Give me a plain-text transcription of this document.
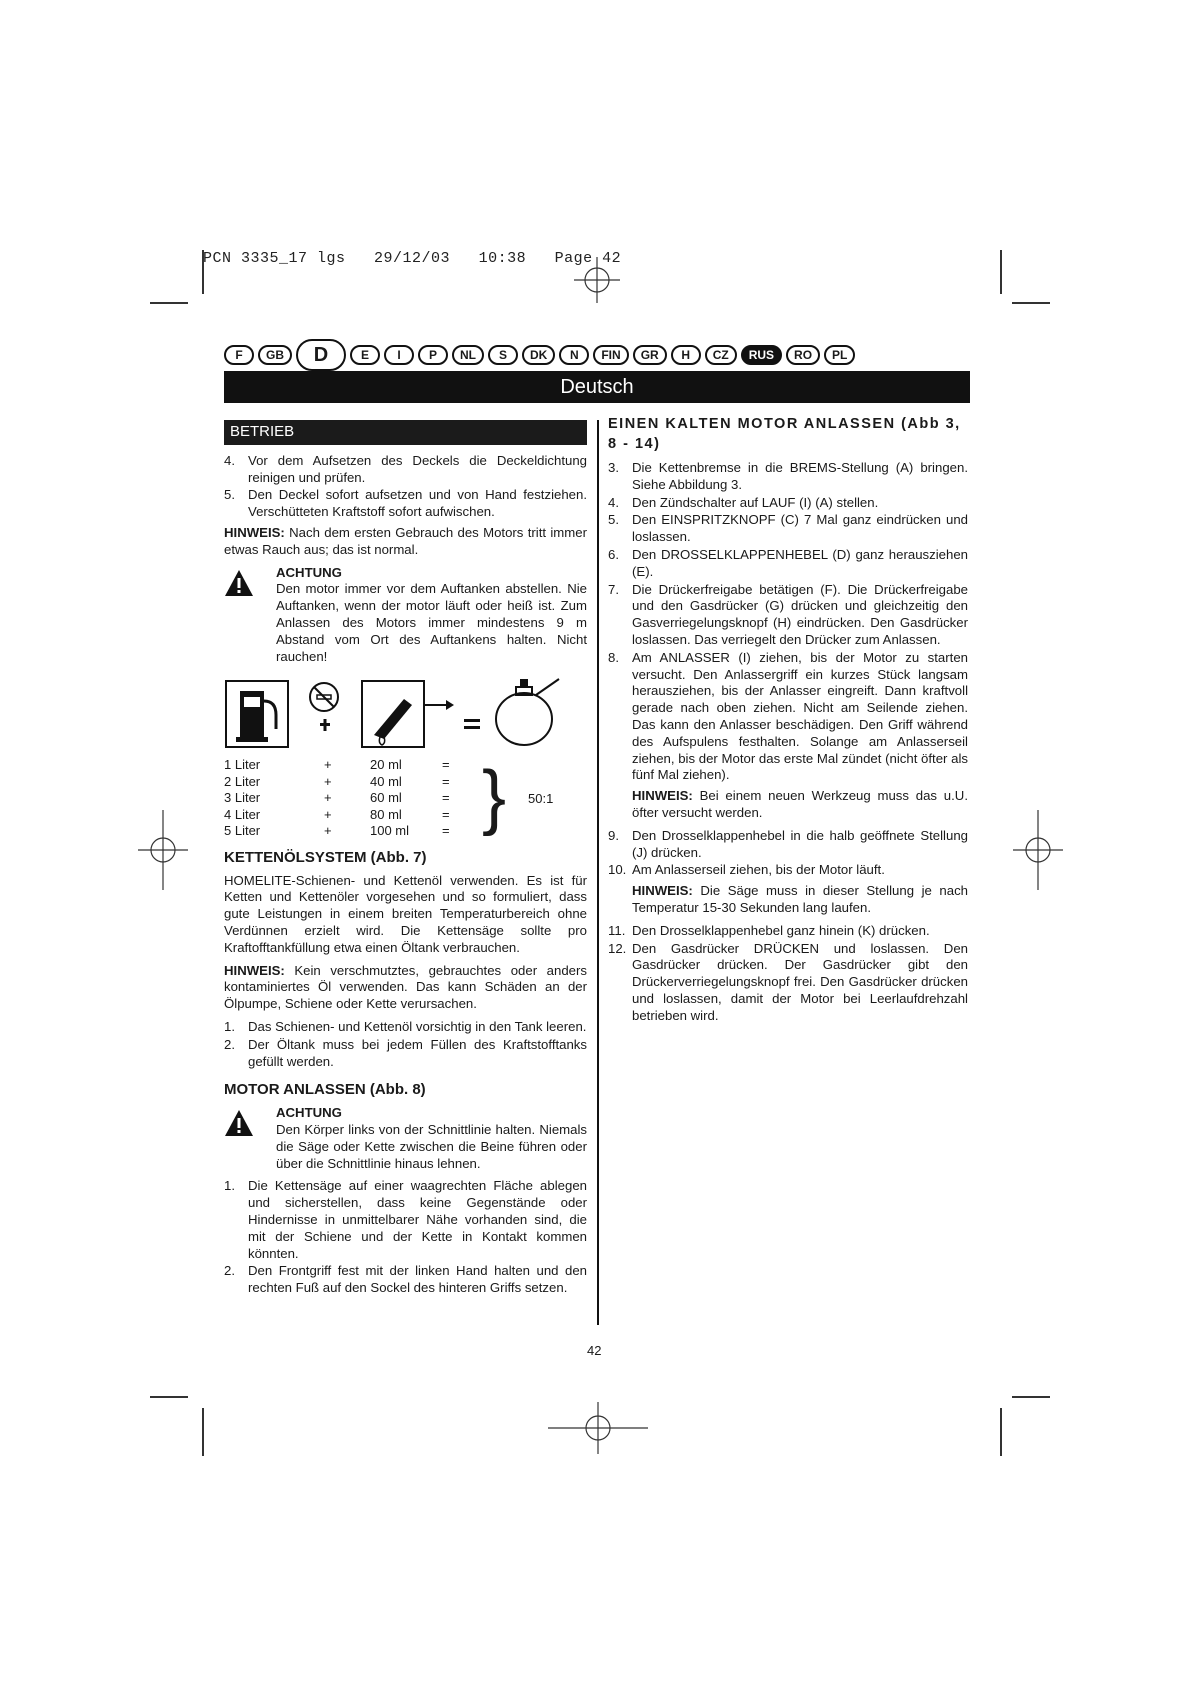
PCN 3335_17 lgs 29/12/03 10:38 Page 42
F	GB	D	E	I	P	NL	S	DK	N	FIN	GR	H	CZ	RUS	RO	PL
Deutsch
BETRIEB
4. Vor dem Aufsetzen des Deckels die Deckeldichtung reinigen und prüfen.
5. Den Deckel sofort aufsetzen und von Hand festziehen. Verschütteten Kraftstoff sofort aufwischen.
HINWEIS: Nach dem ersten Gebrauch des Motors tritt immer etwas Rauch aus; das ist normal.
ACHTUNG
Den motor immer vor dem Auftanken abstellen. Nie Auftanken, wenn der motor läuft oder heiß ist. Zum Anlassen des Motors immer mindestens 9 m Abstand vom Ort des Auftankens halten. Nicht rauchen!
1 Liter	+	20 ml	=	} 50:1

2 Liter	+	40 ml	=	
3 Liter	+	60 ml	=	
4 Liter	+	80 ml	=	
5 Liter	+	100 ml	=	
KETTENÖLSYSTEM (Abb. 7)
HOMELITE-Schienen- und Kettenöl verwenden. Es ist für Ketten und Kettenöler vorgesehen und so formuliert, dass gute Leistungen in einem breiten Temperaturbereich ohne Verdünnen erzielt wird. Die Kettensäge sollte pro Kraftofftankfüllung etwa einen Öltank verbrauchen.
HINWEIS: Kein verschmutztes, gebrauchtes oder anders kontaminiertes Öl verwenden. Das kann Schäden an der Ölpumpe, Schiene oder Kette verursachen.
1. Das Schienen- und Kettenöl vorsichtig in den Tank leeren.
2. Der Öltank muss bei jedem Füllen des Kraftstofftanks gefüllt werden.
MOTOR ANLASSEN (Abb. 8)
ACHTUNG
Den Körper links von der Schnittlinie halten. Niemals die Säge oder Kette zwischen die Beine führen oder über die Schnittlinie hinaus lehnen.
1. Die Kettensäge auf einer waagrechten Fläche ablegen und sicherstellen, dass keine Gegenstände oder Hindernisse in unmittelbarer Nähe vorhanden sind, die mit der Schiene und der Kette in Kontakt kommen könnten.
2. Den Frontgriff fest mit der linken Hand halten und den rechten Fuß auf den Sockel des hinteren Griffs setzen.
EINEN KALTEN MOTOR ANLASSEN (Abb 3, 8 - 14)
3. Die Kettenbremse in die BREMS-Stellung (A) bringen. Siehe Abbildung 3.
4. Den Zündschalter auf LAUF (I) (A) stellen.
5. Den EINSPRITZKNOPF (C) 7 Mal ganz eindrücken und loslassen.
6. Den DROSSELKLAPPENHEBEL (D) ganz herausziehen (E).
7. Die Drückerfreigabe betätigen (F). Die Drückerfreigabe und den Gasdrücker (G) drücken und gleichzeitig den Gasverriegelungsknopf (H) eindrücken. Den Gasdrücker loslassen. Das verriegelt den Drücker zum Anlassen.
8. Am ANLASSER (I) ziehen, bis der Motor zu starten versucht. Den Anlassergriff ein kurzes Stück langsam herausziehen, bis der Anlasser eingreift. Dann kraftvoll gerade nach oben ziehen. Nicht am Seilende ziehen. Das kann den Anlasser beschädigen. Den Griff während des Aufspulens festhalten. Solange am Anlasserseil ziehen, bis der Motor das erste Mal zündet (nicht öfter als fünf Mal ziehen).
HINWEIS: Bei einem neuen Werkzeug muss das u.U. öfter versucht werden.
9. Den Drosselklappenhebel in die halb geöffnete Stellung (J) drücken.
10. Am Anlasserseil ziehen, bis der Motor läuft.
HINWEIS: Die Säge muss in dieser Stellung je nach Temperatur 15-30 Sekunden lang laufen.
11. Den Drosselklappenhebel ganz hinein (K) drücken.
12. Den Gasdrücker DRÜCKEN und loslassen. Den Gasdrücker drücken. Der Gasdrücker gibt den Drückerverriegelungsknopf frei. Den Gasdrücker drücken und loslassen, damit der Motor bei Leerlaufdrehzahl betrieben wird.
42
